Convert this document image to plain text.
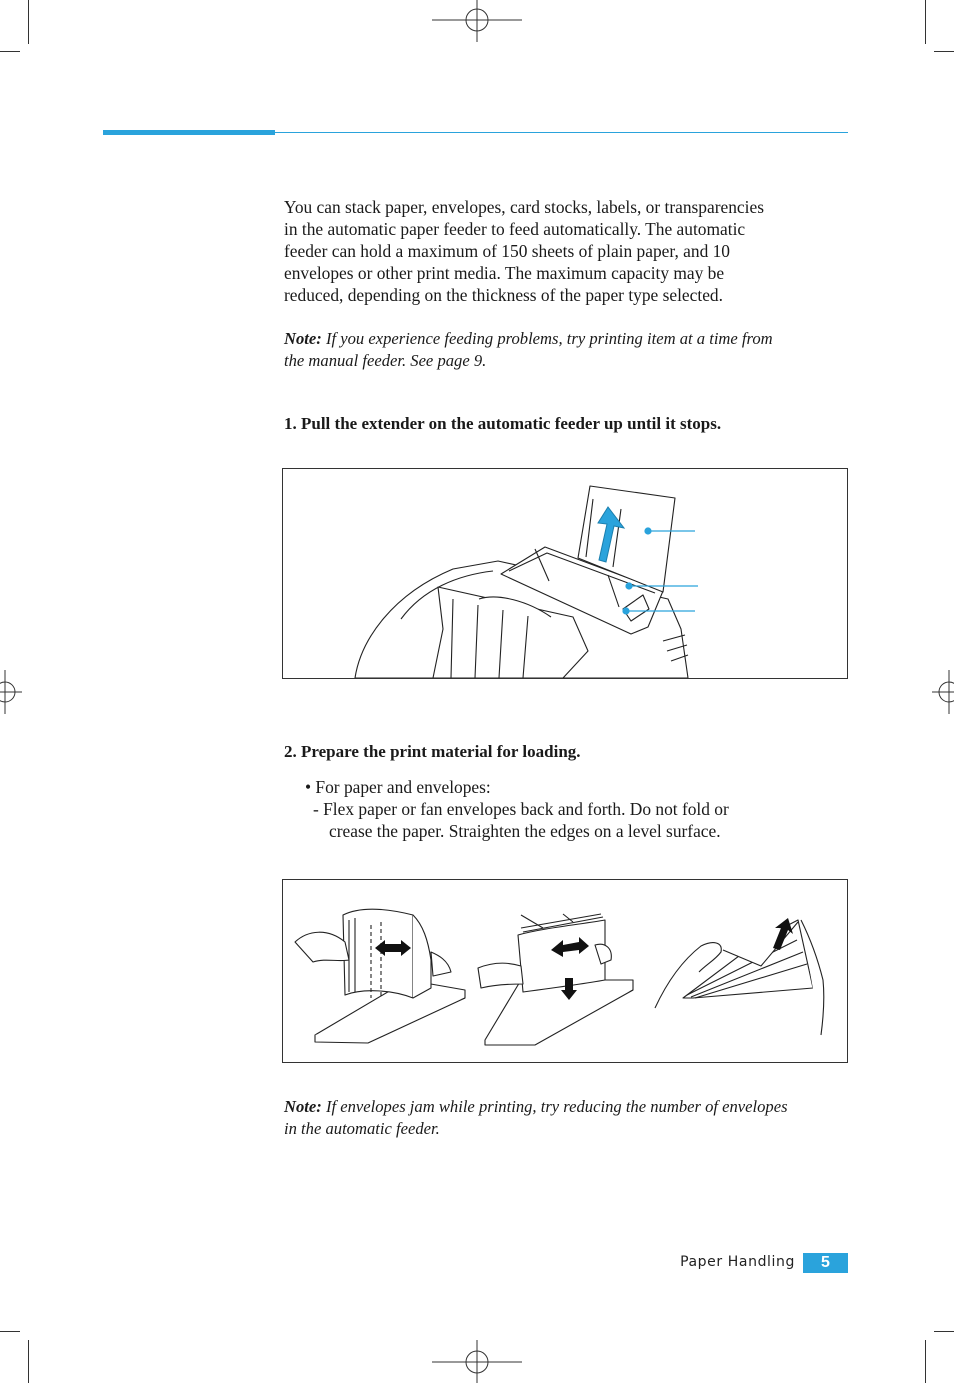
You can stack paper, envelopes, card stocks, labels, or transparencies
in the automatic paper feeder to feed automatically. The automatic
feeder can hold a maximum of 150 sheets of plain paper, and 10
envelopes or other print media. The maximum capacity may be
reduced, depending on the thickness of the paper type selected.
Note: If you experience feeding problems, try printing item at a time from
the manual feeder. See page 9.
1. Pull the extender on the automatic feeder up until it stops.
2. Prepare the print material for loading.
• For paper and envelopes:
- Flex paper or fan envelopes back and forth. Do not fold or
crease the paper. Straighten the edges on a level surface.
Note: If envelopes jam while printing, try reducing the number of envelopes
in the automatic feeder.
Paper Handling	5
